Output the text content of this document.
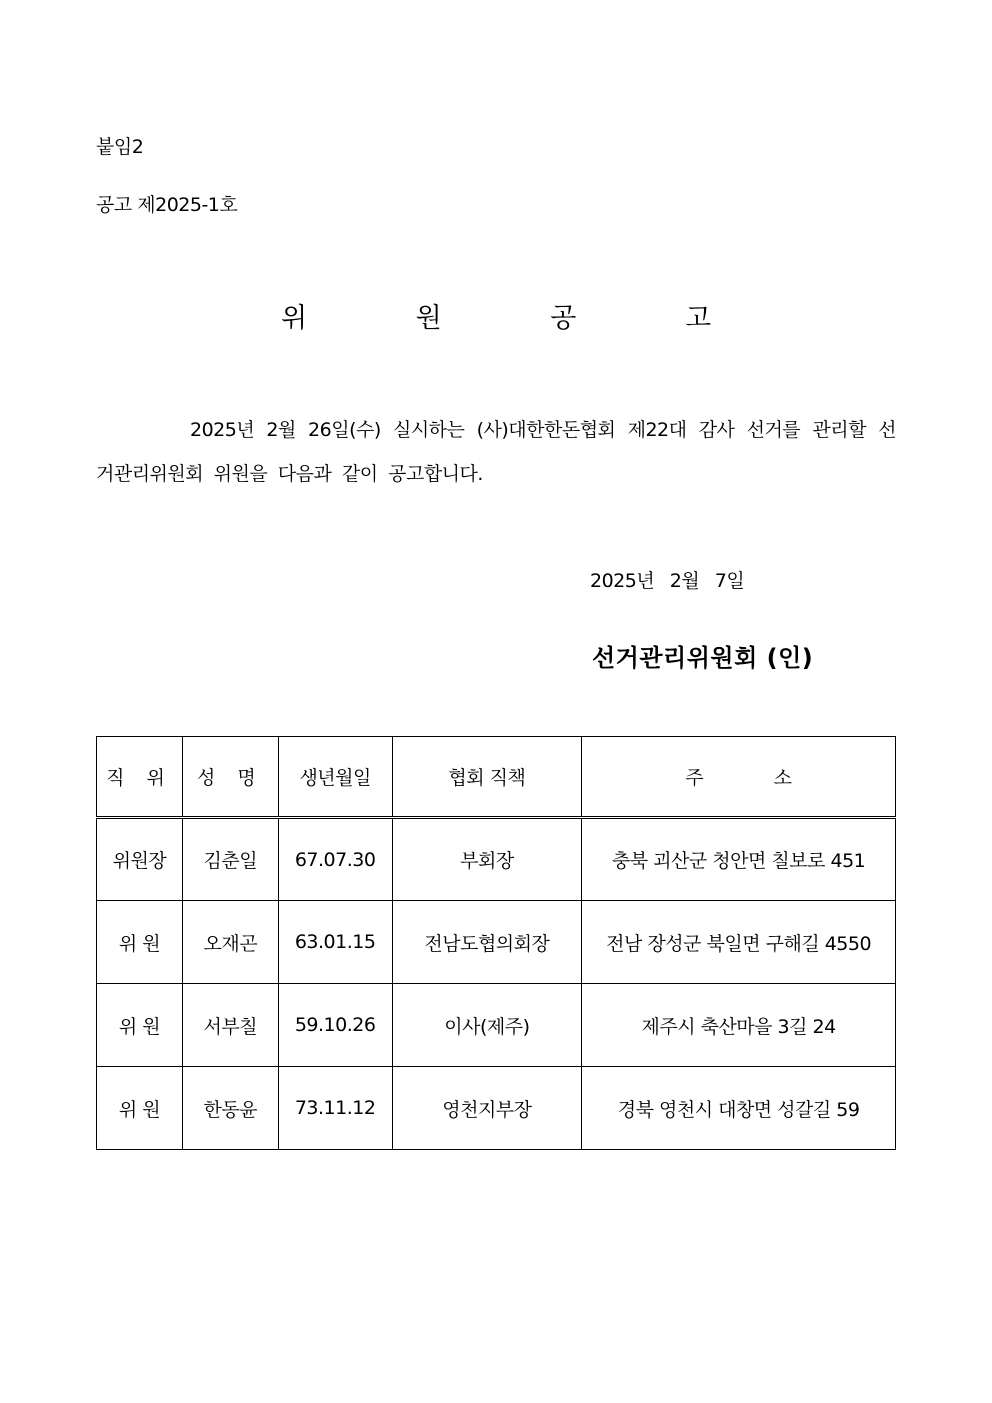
붙임2
공고 제2025-1호
위 원 공 고
2025년 2월 26일(수) 실시하는 (사)대한한돈협회 제22대 감사 선거를 관리할 선거관리위원회 위원을 다음과 같이 공고합니다.
2025년 2월 7일
선거관리위원회 (인)
직 위	성 명	생년월일	협회 직책	주 소
위원장	김춘일	67.07.30	부회장	충북 괴산군 청안면 칠보로 451
위 원	오재곤	63.01.15	전남도협의회장	전남 장성군 북일면 구해길 4550
위 원	서부칠	59.10.26	이사(제주)	제주시 축산마을 3길 24
위 원	한동윤	73.11.12	영천지부장	경북 영천시 대창면 성갈길 59
